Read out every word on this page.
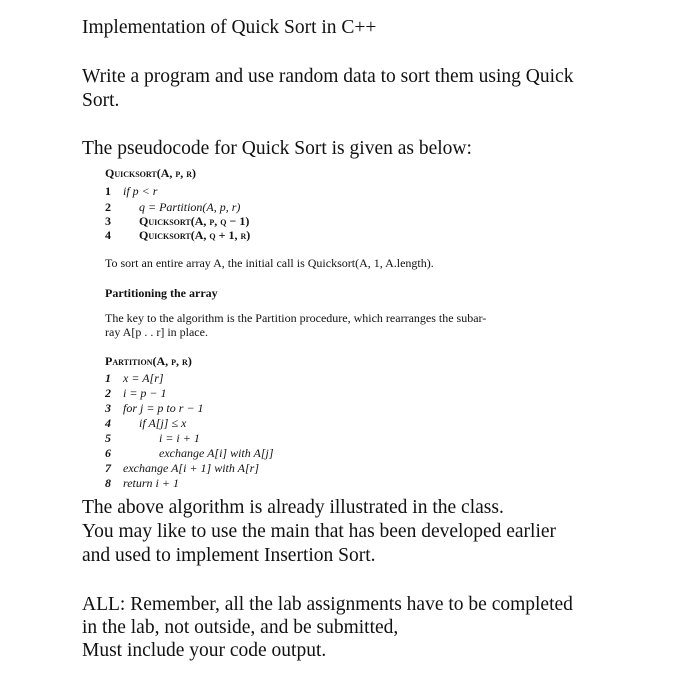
Implementation of Quick Sort in C++
Write a program and use random data to sort them using Quick
Sort.
The pseudocode for Quick Sort is given as below:
Quicksort(A, p, r)
1 if p < r
2 q = Partition(A, p, r)
3 Quicksort(A, p, q − 1)
4 Quicksort(A, q + 1, r)
To sort an entire array A, the initial call is Quicksort(A, 1, A.length).
Partitioning the array
The key to the algorithm is the Partition procedure, which rearranges the subar-
ray A[p . . r] in place.
Partition(A, p, r)
1 x = A[r]
2 i = p − 1
3 for j = p to r − 1
4 if A[j] ≤ x
5	i = i + 1
6	exchange A[i] with A[j]
7 exchange A[i + 1] with A[r]
8 return i + 1
The above algorithm is already illustrated in the class.
You may like to use the main that has been developed earlier
and used to implement Insertion Sort.
ALL: Remember, all the lab assignments have to be completed
in the lab, not outside, and be submitted,
Must include your code output.
